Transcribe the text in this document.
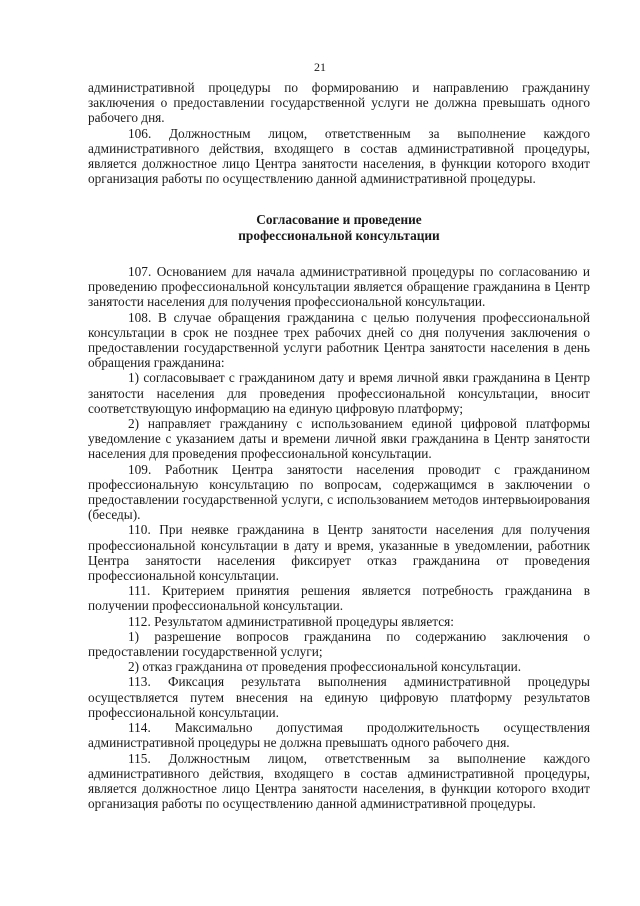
21

административной процедуры по формированию и направлению гражданину заключения о предоставлении государственной услуги не должна превышать одного рабочего дня.

106. Должностным лицом, ответственным за выполнение каждого административного действия, входящего в состав административной процедуры, является должностное лицо Центра занятости населения, в функции которого входит организация работы по осуществлению данной административной процедуры.

Согласование и проведение
профессиональной консультации

107. Основанием для начала административной процедуры по согласованию и проведению профессиональной консультации является обращение гражданина в Центр занятости населения для получения профессиональной консультации.

108. В случае обращения гражданина с целью получения профессиональной консультации в срок не позднее трех рабочих дней со дня получения заключения о предоставлении государственной услуги работник Центра занятости населения в день обращения гражданина:

1) согласовывает с гражданином дату и время личной явки гражданина в Центр занятости населения для проведения профессиональной консультации, вносит соответствующую информацию на единую цифровую платформу;

2) направляет гражданину с использованием единой цифровой платформы уведомление с указанием даты и времени личной явки гражданина в Центр занятости населения для проведения профессиональной консультации.

109. Работник Центра занятости населения проводит с гражданином профессиональную консультацию по вопросам, содержащимся в заключении о предоставлении государственной услуги, с использованием методов интервьюирования (беседы).

110. При неявке гражданина в Центр занятости населения для получения профессиональной консультации в дату и время, указанные в уведомлении, работник Центра занятости населения фиксирует отказ гражданина от проведения профессиональной консультации.

111. Критерием принятия решения является потребность гражданина в получении профессиональной консультации.

112. Результатом административной процедуры является:

1) разрешение вопросов гражданина по содержанию заключения о предоставлении государственной услуги;

2) отказ гражданина от проведения профессиональной консультации.

113. Фиксация результата выполнения административной процедуры осуществляется путем внесения на единую цифровую платформу результатов профессиональной консультации.

114. Максимально допустимая продолжительность осуществления административной процедуры не должна превышать одного рабочего дня.

115. Должностным лицом, ответственным за выполнение каждого административного действия, входящего в состав административной процедуры, является должностное лицо Центра занятости населения, в функции которого входит организация работы по осуществлению данной административной процедуры.
